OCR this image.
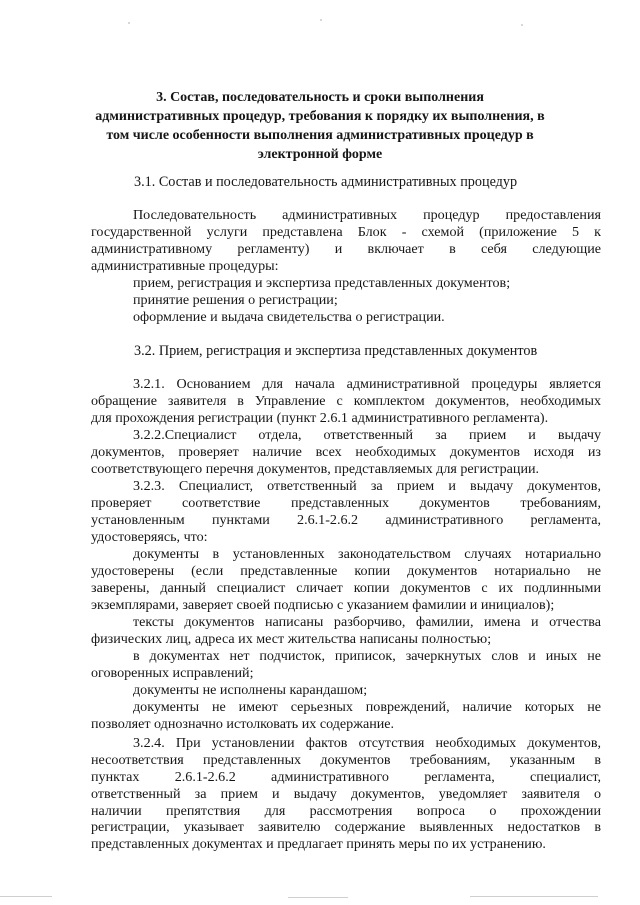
3. Состав, последовательность и сроки выполнения
административных процедур, требования к порядку их выполнения, в
том числе особенности выполнения административных процедур в
электронной форме

3.1. Состав и последовательность административных процедур

Последовательность административных процедур предоставления
государственной услуги представлена Блок - схемой (приложение 5 к
административному регламенту) и включает в себя следующие
административные процедуры:
прием, регистрация и экспертиза представленных документов;
принятие решения о регистрации;
оформление и выдача свидетельства о регистрации.

3.2. Прием, регистрация и экспертиза представленных документов

3.2.1. Основанием для начала административной процедуры является
обращение заявителя в Управление с комплектом документов, необходимых
для прохождения регистрации (пункт 2.6.1 административного регламента).
3.2.2.Специалист отдела, ответственный за прием и выдачу
документов, проверяет наличие всех необходимых документов исходя из
соответствующего перечня документов, представляемых для регистрации.
3.2.3. Специалист, ответственный за прием и выдачу документов,
проверяет соответствие представленных документов требованиям,
установленным пунктами 2.6.1-2.6.2 административного регламента,
удостоверяясь, что:
документы в установленных законодательством случаях нотариально
удостоверены (если представленные копии документов нотариально не
заверены, данный специалист сличает копии документов с их подлинными
экземплярами, заверяет своей подписью с указанием фамилии и инициалов);
тексты документов написаны разборчиво, фамилии, имена и отчества
физических лиц, адреса их мест жительства написаны полностью;
в документах нет подчисток, приписок, зачеркнутых слов и иных не
оговоренных исправлений;
документы не исполнены карандашом;
документы не имеют серьезных повреждений, наличие которых не
позволяет однозначно истолковать их содержание.
3.2.4. При установлении фактов отсутствия необходимых документов,
несоответствия представленных документов требованиям, указанным в
пунктах 2.6.1-2.6.2 административного регламента, специалист,
ответственный за прием и выдачу документов, уведомляет заявителя о
наличии препятствия для рассмотрения вопроса о прохождении
регистрации, указывает заявителю содержание выявленных недостатков в
представленных документах и предлагает принять меры по их устранению.
